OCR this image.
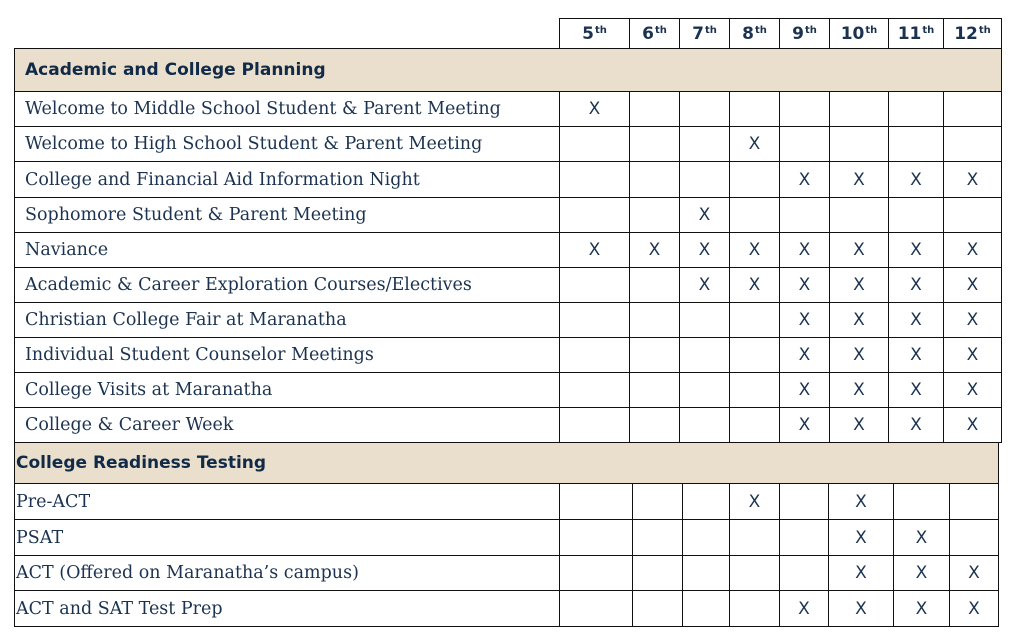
	5th	6th	7th	8th	9th	10th	11th	12th
Academic and College Planning								
Welcome to Middle School Student & Parent Meeting	X							
Welcome to High School Student & Parent Meeting				X				
College and Financial Aid Information Night					X	X	X	X
Sophomore Student & Parent Meeting			X					
Naviance	X	X	X	X	X	X	X	X
Academic & Career Exploration Courses/Electives			X	X	X	X	X	X
Christian College Fair at Maranatha					X	X	X	X
Individual Student Counselor Meetings					X	X	X	X
College Visits at Maranatha					X	X	X	X
College & Career Week					X	X	X	X
College Readiness Testing								
Pre-ACT				X		X		
PSAT						X	X	
ACT (Offered on Maranatha’s campus)						X	X	X
ACT and SAT Test Prep					X	X	X	X
